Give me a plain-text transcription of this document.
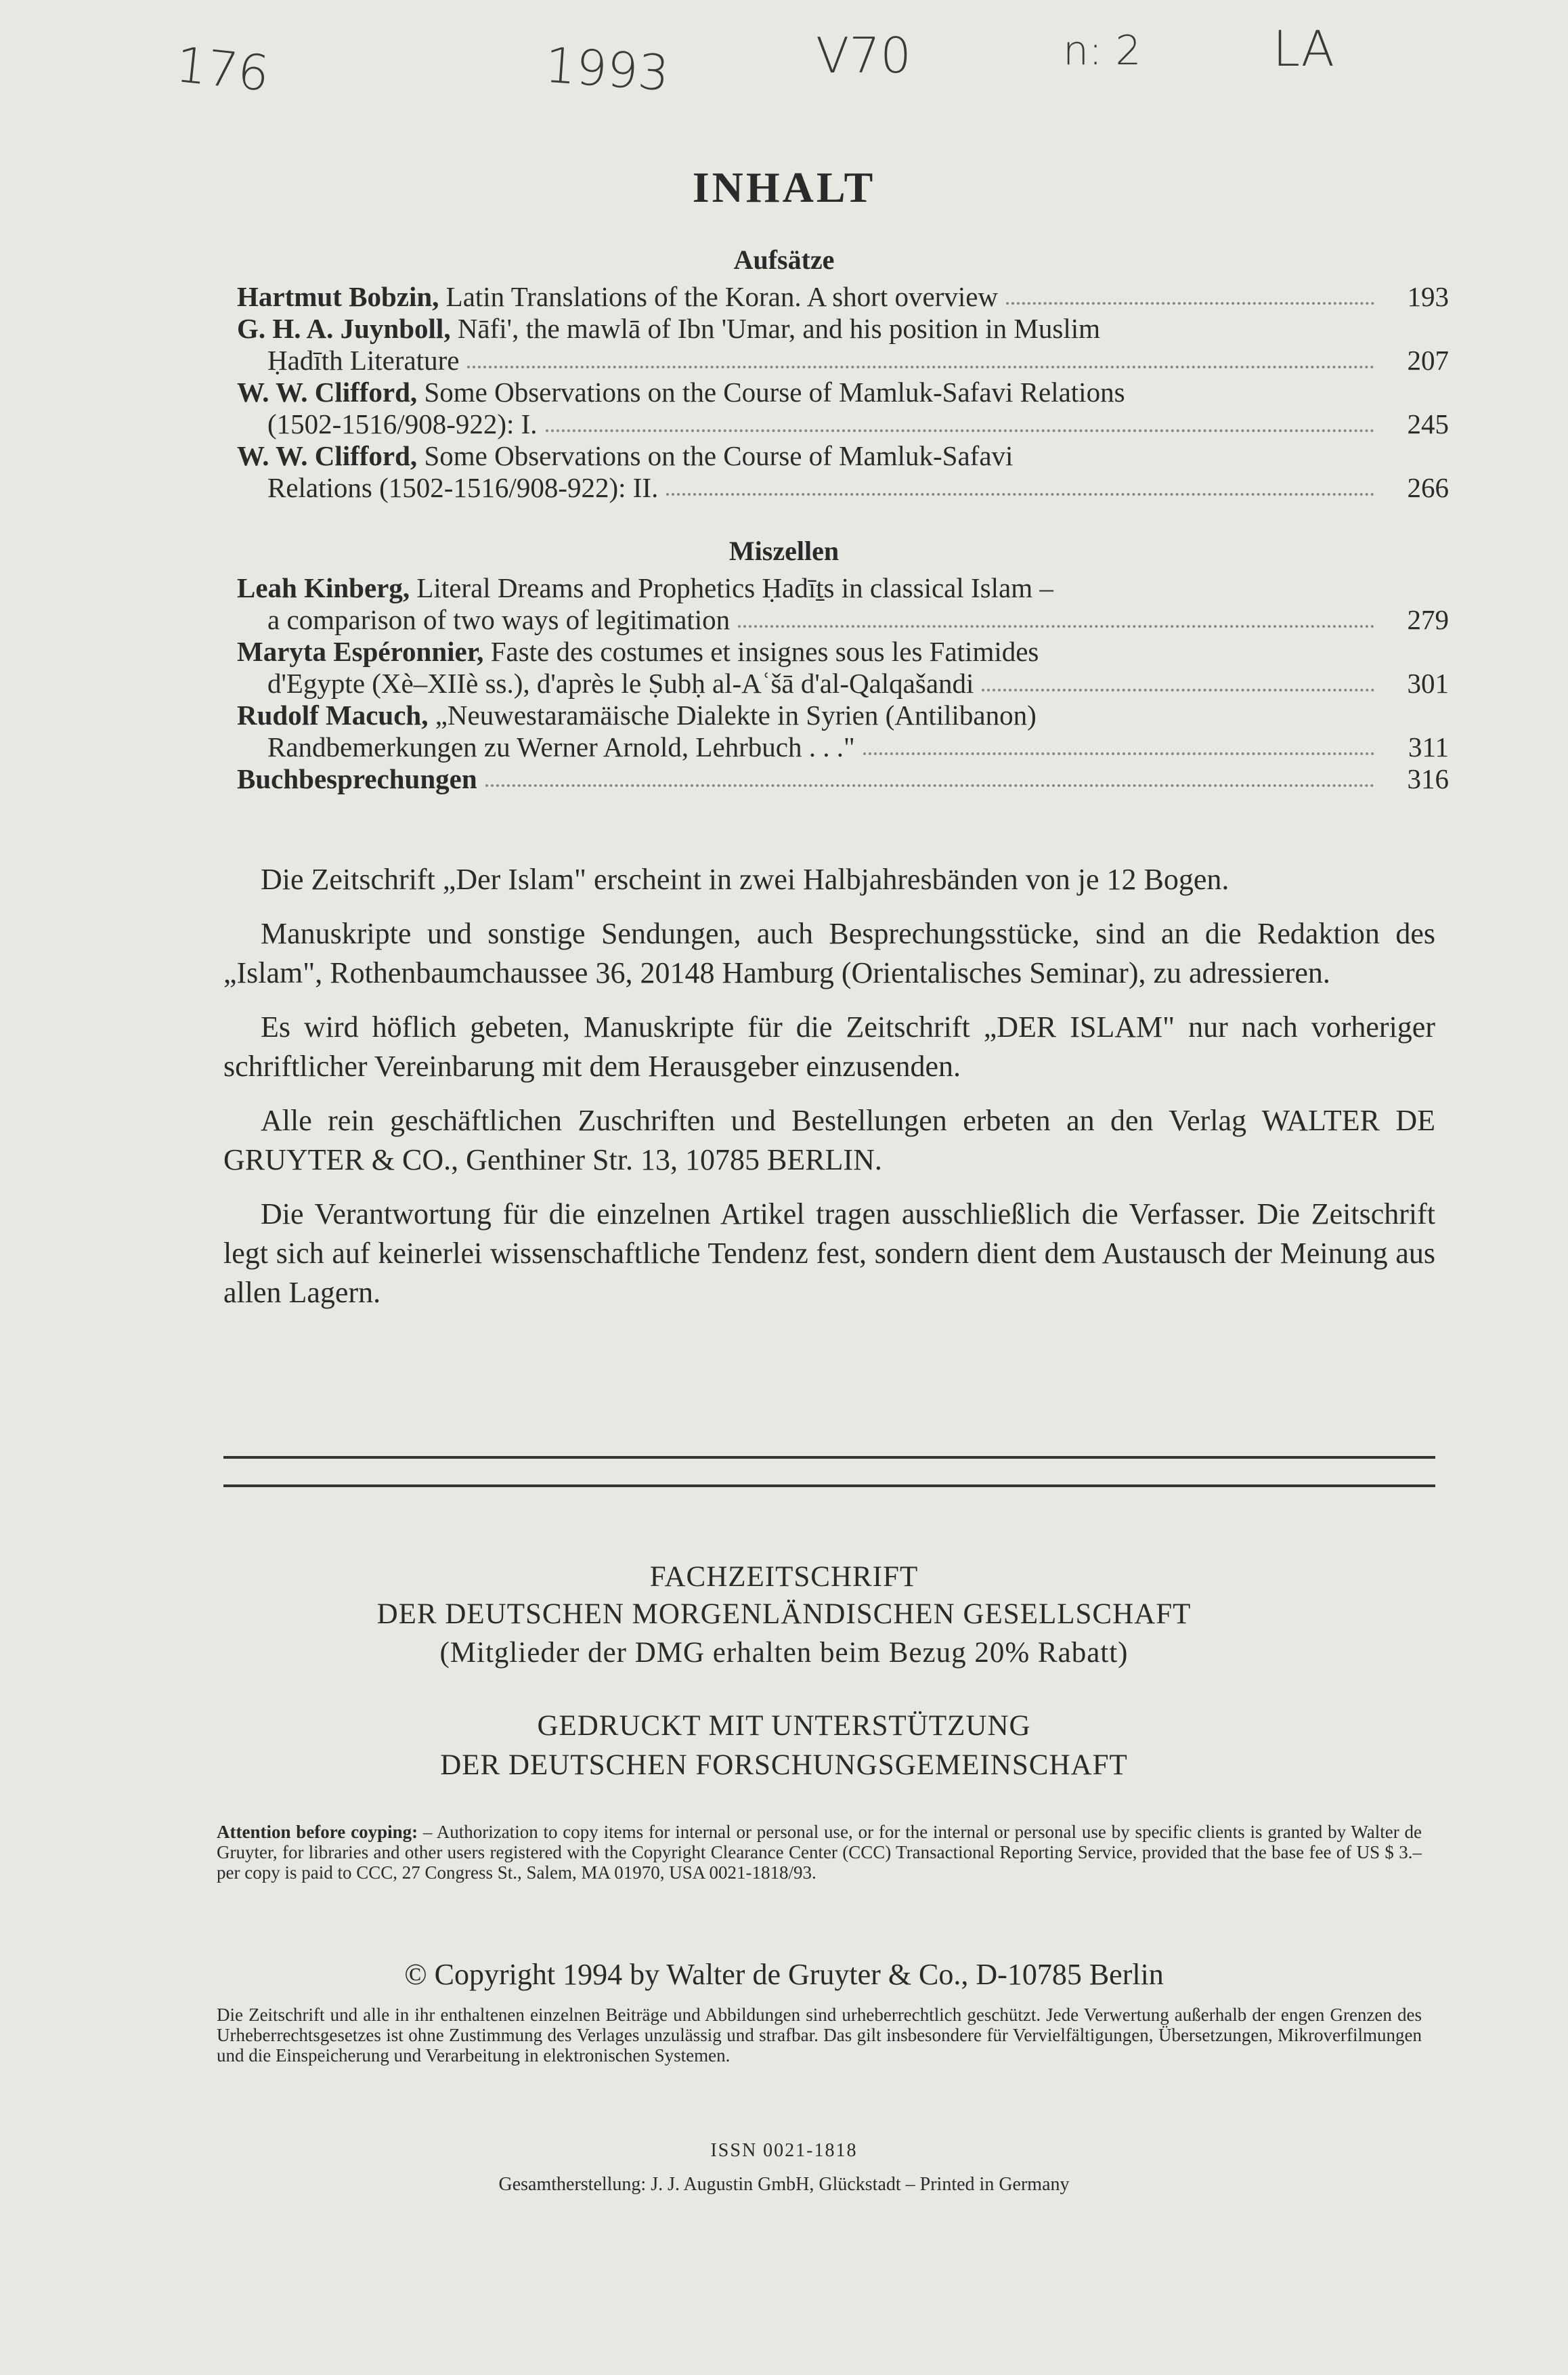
176	1993	V70	n: 2	LA
INHALT
Aufsätze
Hartmut Bobzin, Latin Translations of the Koran. A short overview	193
G. H. A. Juynboll, Nāfi', the mawlā of Ibn 'Umar, and his position in Muslim
Ḥadīth Literature	207
W. W. Clifford, Some Observations on the Course of Mamluk-Safavi Relations
(1502-1516/908-922): I.	245
W. W. Clifford, Some Observations on the Course of Mamluk-Safavi
Relations (1502-1516/908-922): II.	266
Miszellen
Leah Kinberg, Literal Dreams and Prophetics Ḥadīṯs in classical Islam –
a comparison of two ways of legitimation	279
Maryta Espéronnier, Faste des costumes et insignes sous les Fatimides
d'Egypte (Xè–XIIè ss.), d'après le Ṣubḥ al-Aʿšā d'al-Qalqašandi	301
Rudolf Macuch, „Neuwestaramäische Dialekte in Syrien (Antilibanon)
Randbemerkungen zu Werner Arnold, Lehrbuch . . ."	311
Buchbesprechungen	316

Die Zeitschrift „Der Islam" erscheint in zwei Halbjahresbänden von je 12 Bogen.

Manuskripte und sonstige Sendungen, auch Besprechungsstücke, sind an die Redaktion des „Islam", Rothenbaumchaussee 36, 20148 Hamburg (Orientalisches Seminar), zu adressieren.

Es wird höflich gebeten, Manuskripte für die Zeitschrift „DER ISLAM" nur nach vorheriger schriftlicher Vereinbarung mit dem Herausgeber einzusenden.

Alle rein geschäftlichen Zuschriften und Bestellungen erbeten an den Verlag WALTER DE GRUYTER & CO., Genthiner Str. 13, 10785 BERLIN.

Die Verantwortung für die einzelnen Artikel tragen ausschließlich die Verfasser. Die Zeitschrift legt sich auf keinerlei wissenschaftliche Tendenz fest, sondern dient dem Austausch der Meinung aus allen Lagern.

FACHZEITSCHRIFT
DER DEUTSCHEN MORGENLÄNDISCHEN GESELLSCHAFT
(Mitglieder der DMG erhalten beim Bezug 20% Rabatt)
GEDRUCKT MIT UNTERSTÜTZUNG
DER DEUTSCHEN FORSCHUNGSGEMEINSCHAFT
Attention before coyping: – Authorization to copy items for internal or personal use, or for the internal or personal use by specific clients is granted by Walter de Gruyter, for libraries and other users registered with the Copyright Clearance Center (CCC) Transactional Reporting Service, provided that the base fee of US $ 3.– per copy is paid to CCC, 27 Congress St., Salem, MA 01970, USA 0021-1818/93.
© Copyright 1994 by Walter de Gruyter & Co., D-10785 Berlin
Die Zeitschrift und alle in ihr enthaltenen einzelnen Beiträge und Abbildungen sind urheberrechtlich geschützt. Jede Verwertung außerhalb der engen Grenzen des Urheberrechtsgesetzes ist ohne Zustimmung des Verlages unzulässig und strafbar. Das gilt insbesondere für Vervielfältigungen, Übersetzungen, Mikroverfilmungen und die Einspeicherung und Verarbeitung in elektronischen Systemen.
ISSN 0021-1818
Gesamtherstellung: J. J. Augustin GmbH, Glückstadt – Printed in Germany
